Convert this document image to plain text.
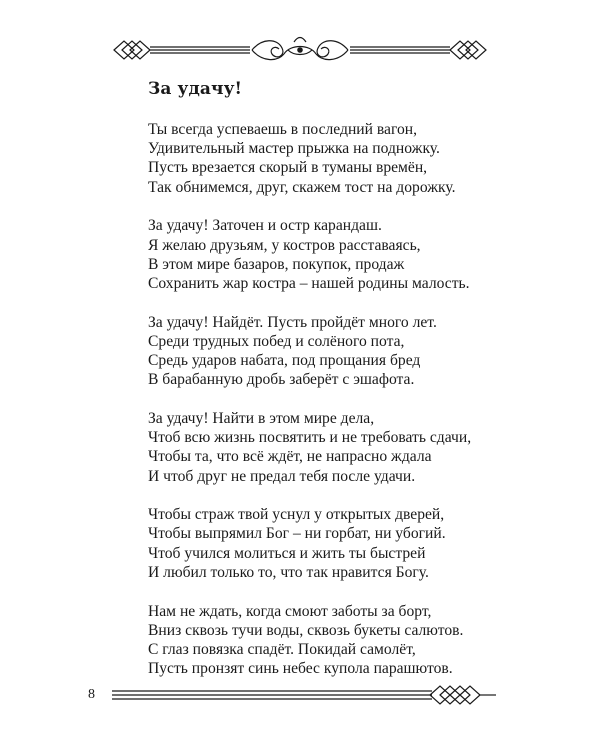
За удачу!
Ты всегда успеваешь в последний вагон,
Удивительный мастер прыжка на подножку.
Пусть врезается скорый в туманы времён,
Так обнимемся, друг, скажем тост на дорожку.
За удачу! Заточен и остр карандаш.
Я желаю друзьям, у костров расставаясь,
В этом мире базаров, покупок, продаж
Сохранить жар костра – нашей родины малость.
За удачу! Найдёт. Пусть пройдёт много лет.
Среди трудных побед и солёного пота,
Средь ударов набата, под прощания бред
В барабанную дробь заберёт с эшафота.
За удачу! Найти в этом мире дела,
Чтоб всю жизнь посвятить и не требовать сдачи,
Чтобы та, что всё ждёт, не напрасно ждала
И чтоб друг не предал тебя после удачи.
Чтобы страж твой уснул у открытых дверей,
Чтобы выпрямил Бог – ни горбат, ни убогий.
Чтоб учился молиться и жить ты быстрей
И любил только то, что так нравится Богу.
Нам не ждать, когда смоют заботы за борт,
Вниз сквозь тучи воды, сквозь букеты салютов.
С глаз повязка спадёт. Покидай самолёт,
Пусть пронзят синь небес купола парашютов.
8
